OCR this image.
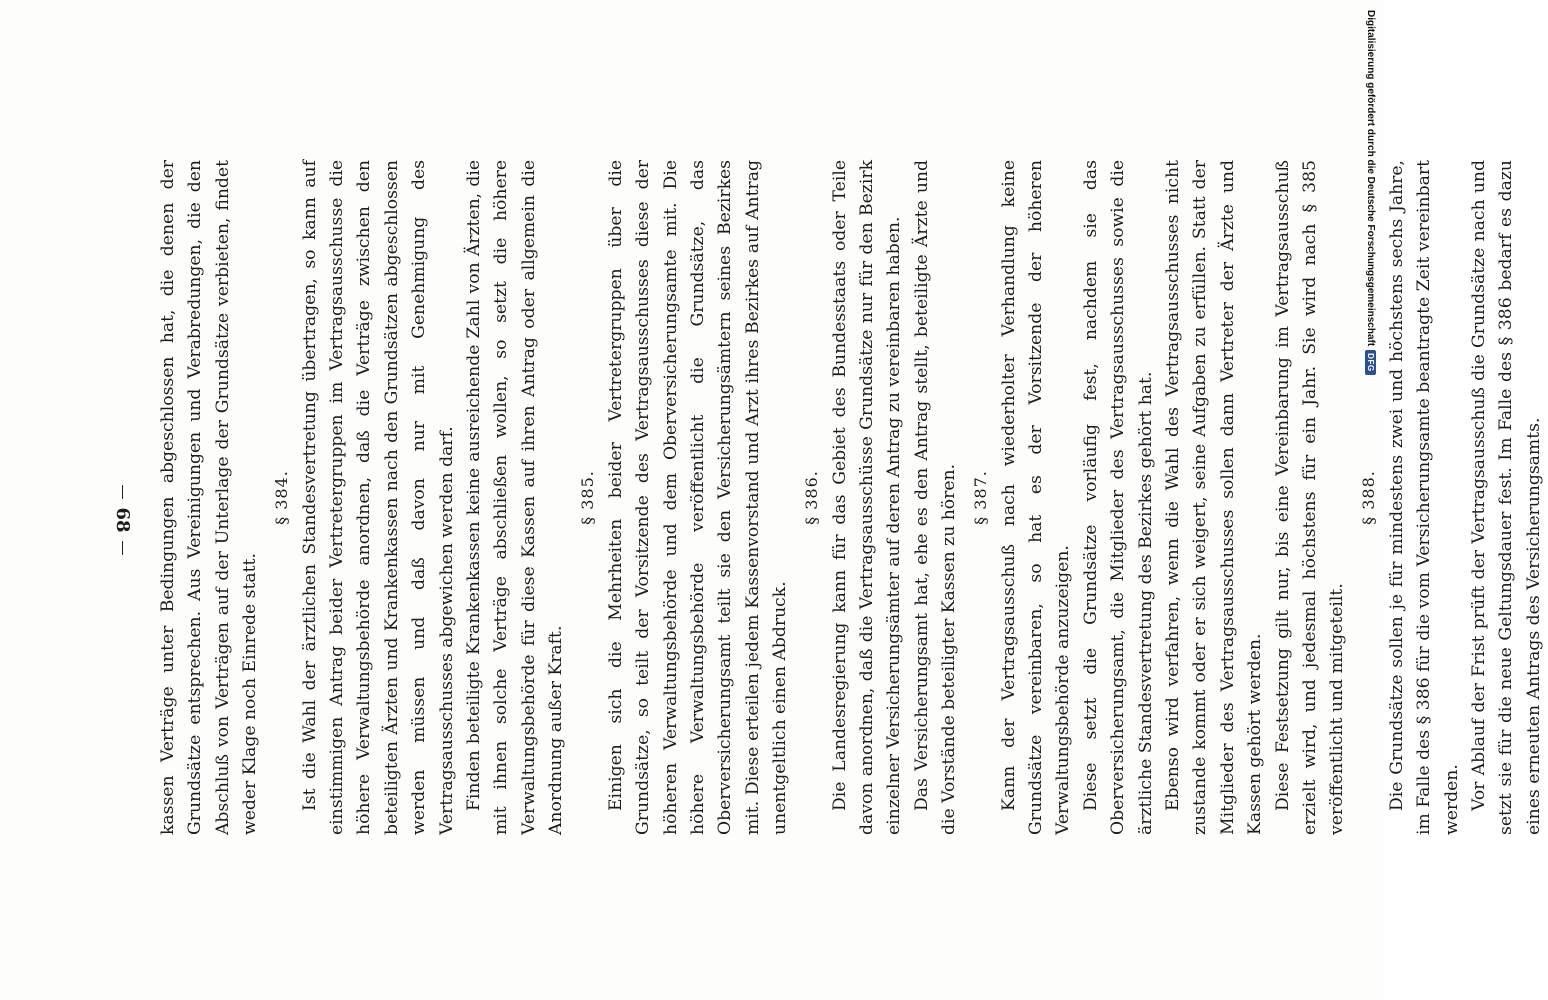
68 kassen Verträge unter Bedingungen abgeschlossen hat, die denen der Grundsätze entsprechen. Aus Vereinigungen und Verabredungen, die den Abschluß von Verträgen auf der Unterlage der Grundsätze verbieten, findet weder Klage noch Einrede statt.

§ 384. Ist die Wahl der ärztlichen Standesvertretung übertragen, so kann auf einstimmigen Antrag beider Vertretergruppen im Vertragsausschusse die höhere Verwaltungsbehörde anordnen, daß die Verträge zwischen den beteiligten Ärzten und Krankenkassen nach den Grundsätzen abgeschlossen werden müssen und daß davon nur mit Genehmigung des Vertragsausschusses abgewichen werden darf. Finden beteiligte Krankenkassen keine ausreichende Zahl von Ärzten, die mit ihnen solche Verträge abschließen wollen, so setzt die höhere Verwaltungsbehörde für diese Kassen auf ihren Antrag oder allgemein die Anordnung außer Kraft.

§ 385. Einigen sich die Mehrheiten beider Vertretergruppen über die Grundsätze, so teilt der Vorsitzende des Vertragsausschusses diese der höheren Verwaltungsbehörde und dem Oberversicherungsamte mit. Die höhere Verwaltungsbehörde veröffentlicht die Grundsätze, das Oberversicherungsamt teilt sie den Versicherungsämtern seines Bezirkes mit. Diese erteilen jedem Kassenvorstand und Arzt ihres Bezirkes auf Antrag unentgeltlich einen Abdruck.

§ 386. Die Landesregierung kann für das Gebiet des Bundesstaats oder Teile davon anordnen, daß die Vertragsausschüsse Grundsätze nur für den Bezirk einzelner Versicherungsämter auf deren Antrag zu vereinbaren haben. Das Versicherungsamt hat, ehe es den Antrag stellt, beteiligte Ärzte und die Vorstände beteiligter Kassen zu hören. § 387. Kann der Vertragsausschuß nach wiederholter Verhandlung keine Grundsätze vereinbaren, so hat es der Vorsitzende der höheren Verwaltungsbehörde anzuzeigen. Diese setzt die Grundsätze vorläufig fest, nachdem sie das Oberversicherungsamt, die Mitglieder des Vertragsausschusses sowie die ärztliche Standesvertretung des Bezirkes gehört hat. Ebenso wird verfahren, wenn die Wahl des Vertragsausschusses nicht zustande kommt oder er sich weigert, seine Aufgaben zu erfüllen. Statt der Mitglieder des Vertragsausschusses sollen dann Vertreter der Ärzte und Kassen gehört werden. Diese Festsetzung gilt nur, bis eine Vereinbarung im Vertragsausschuß erzielt wird, und jedesmal höchstens für ein Jahr. Sie wird nach § 385 veröffentlicht und mitgeteilt.

§ 388. Die Grundsätze sollen je für mindestens zwei und höchstens sechs Jahre, im Falle des § 386 für die vom Versicherungsamte beantragte Zeit vereinbart werden. Vor Ablauf der Frist prüft der Vertragsausschuß die Grundsätze nach und setzt sie für die neue Geltungsdauer fest. Im Falle des § 386 bedarf es dazu eines erneuten Antrags des Versicherungsamts.

Digitalisierung gefördert durch die Deutsche Forschungsgemeinschaft
DFG
